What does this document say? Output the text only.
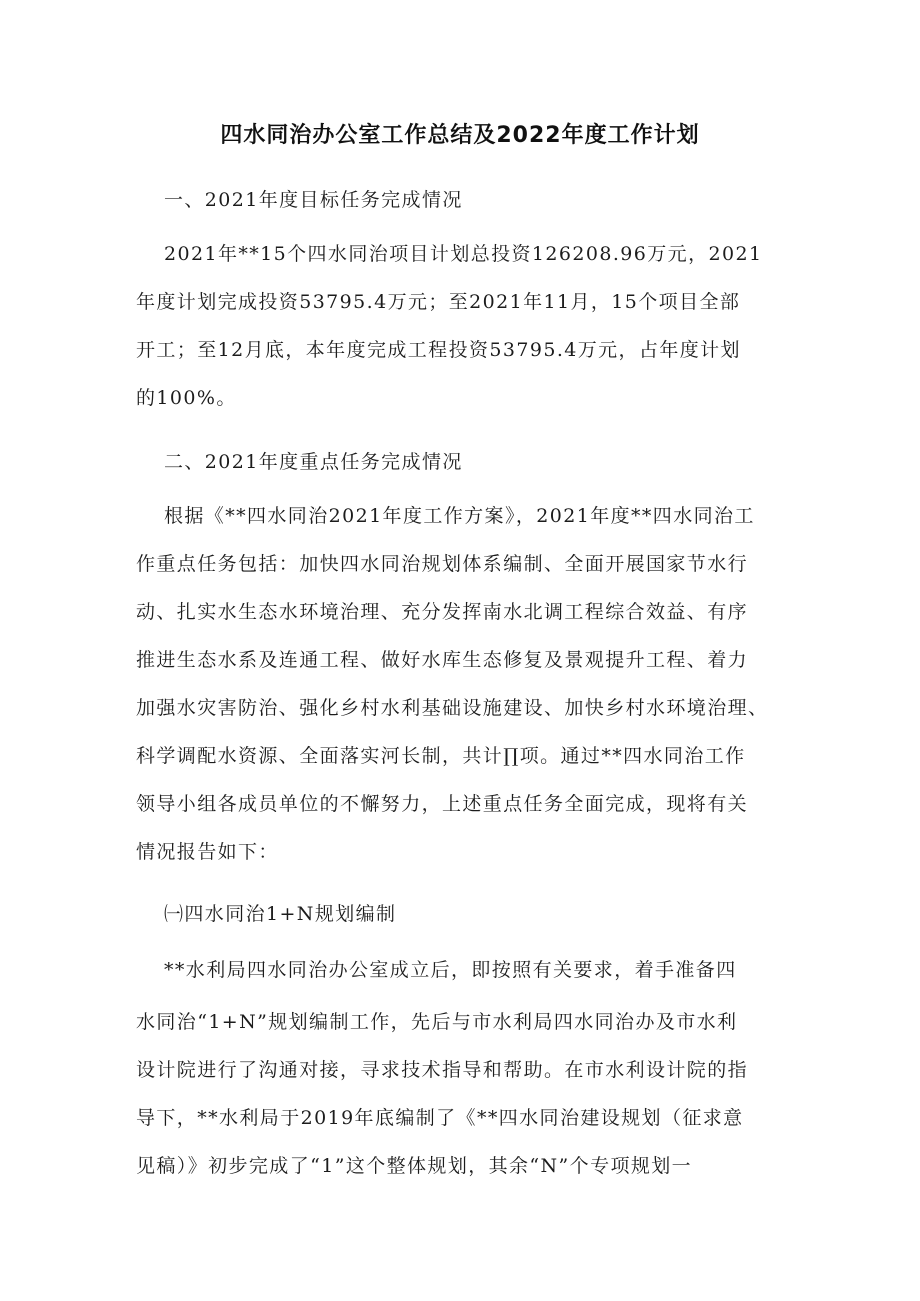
四水同治办公室工作总结及2022年度工作计划
一、2021年度目标任务完成情况
2021年**15个四水同治项目计划总投资126208.96万元，2021
年度计划完成投资53795.4万元；至2021年11月，15个项目全部
开工；至12月底，本年度完成工程投资53795.4万元，占年度计划
的100%。
二、2021年度重点任务完成情况
根据《**四水同治2021年度工作方案》，2021年度**四水同治工
作重点任务包括：加快四水同治规划体系编制、全面开展国家节水行
动、扎实水生态水环境治理、充分发挥南水北调工程综合效益、有序
推进生态水系及连通工程、做好水库生态修复及景观提升工程、着力
加强水灾害防治、强化乡村水利基础设施建设、加快乡村水环境治理、
科学调配水资源、全面落实河长制，共计∏项。通过**四水同治工作
领导小组各成员单位的不懈努力，上述重点任务全面完成，现将有关
情况报告如下：
㈠四水同治1+N规划编制
**水利局四水同治办公室成立后，即按照有关要求，着手准备四
水同治“1+N”规划编制工作，先后与市水利局四水同治办及市水利
设计院进行了沟通对接，寻求技术指导和帮助。在市水利设计院的指
导下，**水利局于2019年底编制了《**四水同治建设规划（征求意
见稿）》初步完成了“1”这个整体规划，其余“N”个专项规划一
